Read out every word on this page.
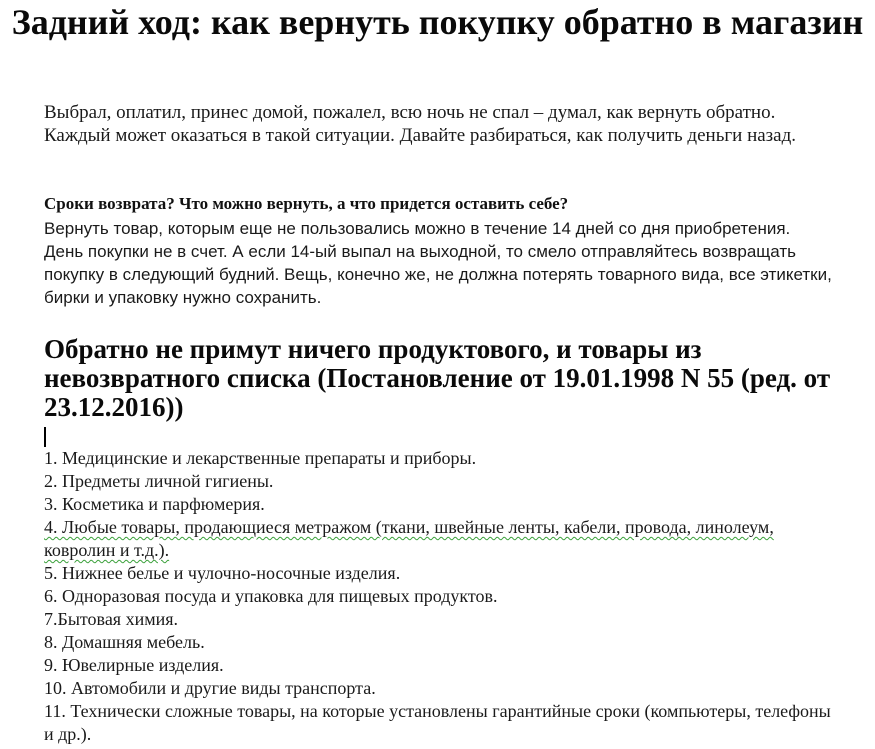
Задний ход: как вернуть покупку обратно в магазин

Выбрал, оплатил, принес домой, пожалел, всю ночь не спал – думал, как вернуть обратно. Каждый может оказаться в такой ситуации. Давайте разбираться, как получить деньги назад.

Сроки возврата? Что можно вернуть, а что придется оставить себе?

Вернуть товар, которым еще не пользовались можно в течение 14 дней со дня приобретения. День покупки не в счет. А если 14-ый выпал на выходной, то смело отправляйтесь возвращать покупку в следующий будний. Вещь, конечно же, не должна потерять товарного вида, все этикетки, бирки и упаковку нужно сохранить.

Обратно не примут ничего продуктового, и товары из невозвратного списка (Постановление от 19.01.1998 N 55 (ред. от 23.12.2016))
1. Медицинские и лекарственные препараты и приборы.
2. Предметы личной гигиены.
3. Косметика и парфюмерия.
4. Любые товары, продающиеся метражом (ткани, швейные ленты, кабели, провода, линолеум, ковролин и т.д.).
5. Нижнее белье и чулочно-носочные изделия.
6. Одноразовая посуда и упаковка для пищевых продуктов.
7.Бытовая химия.
8. Домашняя мебель.
9. Ювелирные изделия.
10. Автомобили и другие виды транспорта.
11. Технически сложные товары, на которые установлены гарантийные сроки (компьютеры, телефоны и др.).
